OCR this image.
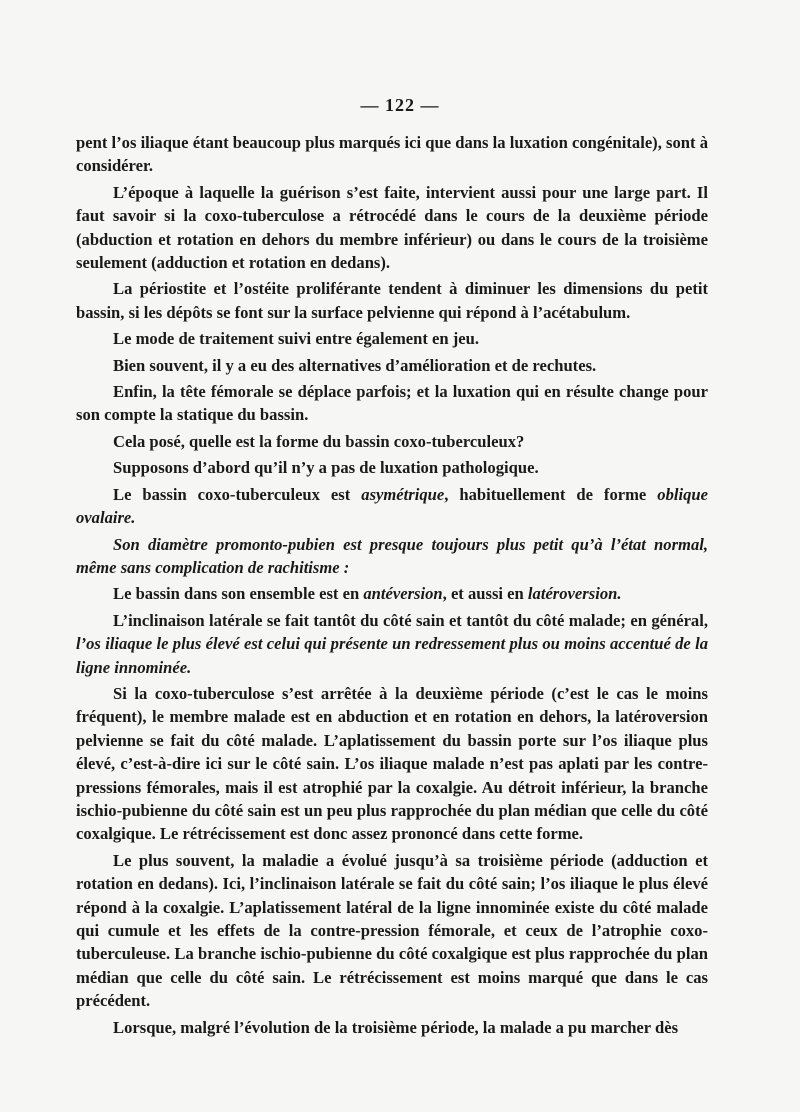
— 122 —

pent l’os iliaque étant beaucoup plus marqués ici que dans la luxation congénitale), sont à considérer.

L’époque à laquelle la guérison s’est faite, intervient aussi pour une large part. Il faut savoir si la coxo-tuberculose a rétrocédé dans le cours de la deuxième période (abduction et rotation en dehors du membre inférieur) ou dans le cours de la troisième seulement (adduction et rotation en dedans).

La périostite et l’ostéite proliférante tendent à diminuer les dimensions du petit bassin, si les dépôts se font sur la surface pelvienne qui répond à l’acétabulum.

Le mode de traitement suivi entre également en jeu.

Bien souvent, il y a eu des alternatives d’amélioration et de rechutes.

Enfin, la tête fémorale se déplace parfois; et la luxation qui en résulte change pour son compte la statique du bassin.

Cela posé, quelle est la forme du bassin coxo-tuberculeux?

Supposons d’abord qu’il n’y a pas de luxation pathologique.

Le bassin coxo-tuberculeux est asymétrique, habituellement de forme oblique ovalaire.

Son diamètre promonto-pubien est presque toujours plus petit qu’à l’état normal, même sans complication de rachitisme :

Le bassin dans son ensemble est en antéversion, et aussi en latéroversion.

L’inclinaison latérale se fait tantôt du côté sain et tantôt du côté malade; en général, l’os iliaque le plus élevé est celui qui présente un redressement plus ou moins accentué de la ligne innominée.

Si la coxo-tuberculose s’est arrêtée à la deuxième période (c’est le cas le moins fréquent), le membre malade est en abduction et en rotation en dehors, la latéroversion pelvienne se fait du côté malade. L’aplatissement du bassin porte sur l’os iliaque plus élevé, c’est-à-dire ici sur le côté sain. L’os iliaque malade n’est pas aplati par les contre-pressions fémorales, mais il est atrophié par la coxalgie. Au détroit inférieur, la branche ischio-pubienne du côté sain est un peu plus rapprochée du plan médian que celle du côté coxalgique. Le rétrécissement est donc assez prononcé dans cette forme.

Le plus souvent, la maladie a évolué jusqu’à sa troisième période (adduction et rotation en dedans). Ici, l’inclinaison latérale se fait du côté sain; l’os iliaque le plus élevé répond à la coxalgie. L’aplatissement latéral de la ligne innominée existe du côté malade qui cumule et les effets de la contre-pression fémorale, et ceux de l’atrophie coxo-tuberculeuse. La branche ischio-pubienne du côté coxalgique est plus rapprochée du plan médian que celle du côté sain. Le rétrécissement est moins marqué que dans le cas précédent.

Lorsque, malgré l’évolution de la troisième période, la malade a pu marcher dès
